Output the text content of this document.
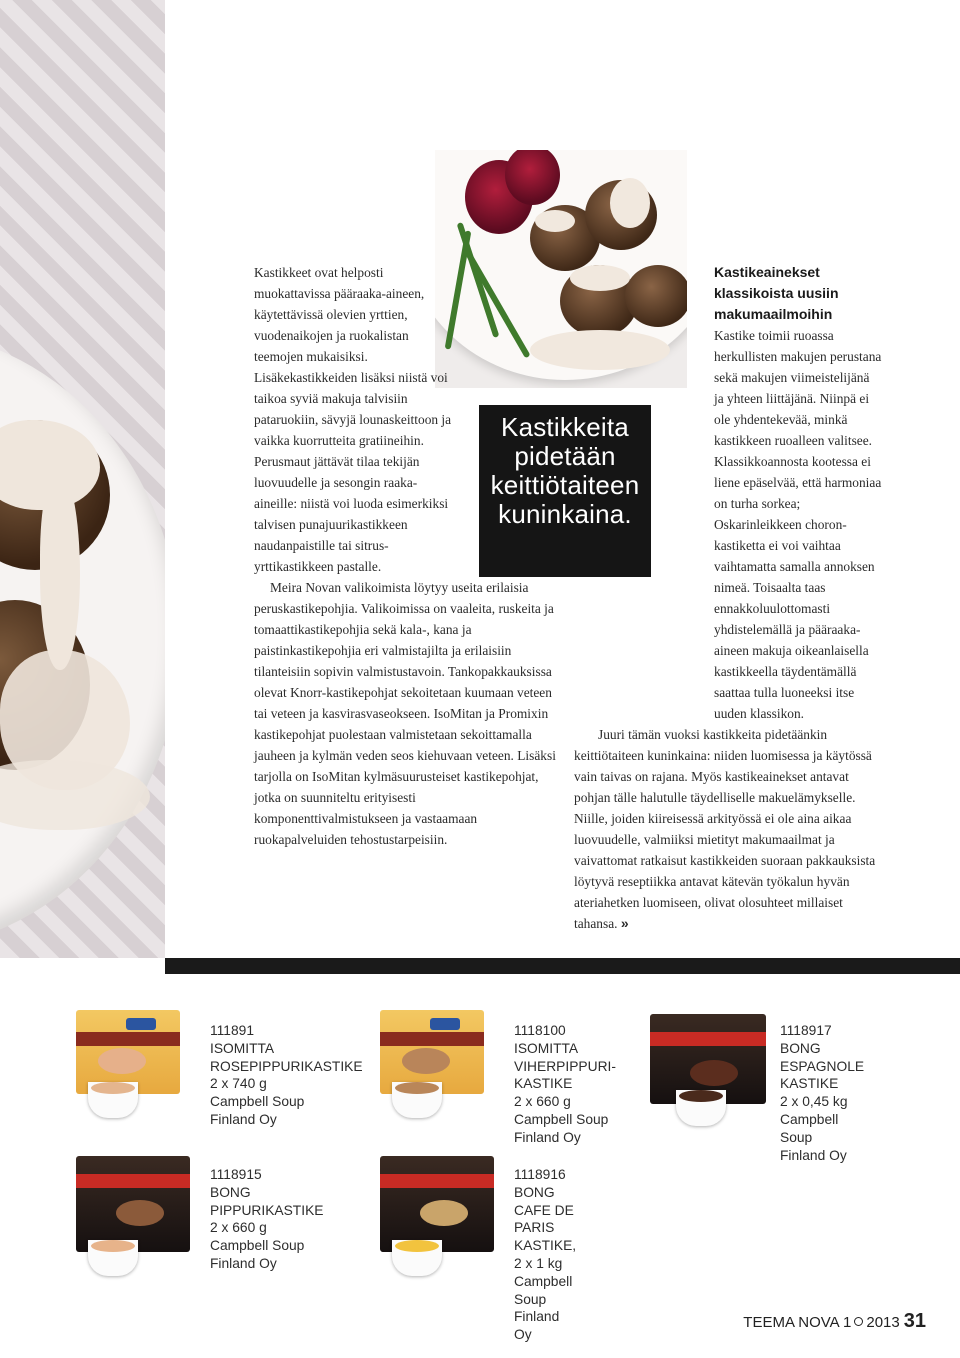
Kastikkeet ovat helposti muokattavissa pääraaka-aineen, käytettävissä olevien yrttien, vuodenaikojen ja ruokalistan teemojen mukaisiksi. Lisäkekastikkeiden lisäksi niistä voi taikoa syviä makuja talvisiin pataruokiin, sävyjä lounaskeittoon ja vaikka kuorrutteita gratiineihin. Perusmaut jättävät tilaa tekijän luovuudelle ja sesongin raaka-aineille: niistä voi luoda esimerkiksi talvisen punajuurikastikkeen naudanpaistille tai sitrus-yrttikastikkeen pastalle.

Meira Novan valikoimista löytyy useita erilaisia peruskastikepohjia. Valikoimissa on vaaleita, ruskeita ja tomaattikastikepohjia sekä kala-, kana ja paistinkastikepohjia eri valmistajilta ja erilaisiin tilanteisiin sopivin valmistustavoin. Tankopakkauksissa olevat Knorr-kastikepohjat sekoitetaan kuumaan veteen tai veteen ja kasvirasvaseokseen. IsoMitan ja Promixin kastikepohjat puolestaan valmistetaan sekoittamalla jauheen ja kylmän veden seos kiehuvaan veteen. Lisäksi tarjolla on IsoMitan kylmäsuurusteiset kastikepohjat, jotka on suunniteltu erityisesti komponenttivalmistukseen ja vastaamaan ruokapalveluiden tehostustarpeisiin.

Kastikkeita pidetään keittiötaiteen kuninkaina.
Kastikeainekset klassikoista uusiin makumaailmoihin

Kastike toimii ruoassa herkullisten makujen perustana sekä makujen viimeistelijänä ja yhteen liittäjänä. Niinpä ei ole yhdentekevää, minkä kastikkeen ruoalleen valitsee. Klassikkoannosta kootessa ei liene epäselvää, että harmoniaa on turha sorkea; Oskarinleikkeen choron-kastiketta ei voi vaihtaa vaihtamatta samalla annoksen nimeä. Toisaalta taas ennakkoluulottomasti yhdistelemällä ja pääraaka-aineen makuja oikeanlaisella kastikkeella täydentämällä saattaa tulla luoneeksi itse uuden klassikon.

Juuri tämän vuoksi kastikkeita pidetäänkin keittiötaiteen kuninkaina: niiden luomisessa ja käytössä vain taivas on rajana. Myös kastikeainekset antavat pohjan tälle halutulle täydelliselle makuelämykselle. Niille, joiden kiireisessä arkityössä ei ole aina aikaa luovuudelle, valmiiksi mietityt makumaailmat ja vaivattomat ratkaisut kastikkeiden suoraan pakkauksista löytyvä reseptiikka antavat kätevän työkalun hyvän ateriahetken luomiseen, olivat olosuhteet millaiset tahansa. »

111891
ISOMITTA
ROSEPIPPURIKASTIKE
2 x 740 g
Campbell Soup
Finland Oy
1118100
ISOMITTA
VIHERPIPPURI-
KASTIKE
2 x 660 g
Campbell Soup
Finland Oy
1118917
BONG
ESPAGNOLE KASTIKE
2 x 0,45 kg
Campbell Soup
Finland Oy
1118915
BONG
PIPPURIKASTIKE
2 x 660 g
Campbell Soup
Finland Oy
1118916
BONG
CAFE DE PARIS
KASTIKE, 2 x 1 kg
Campbell Soup
Finland Oy
TEEMA NOVA 1 2013 31
